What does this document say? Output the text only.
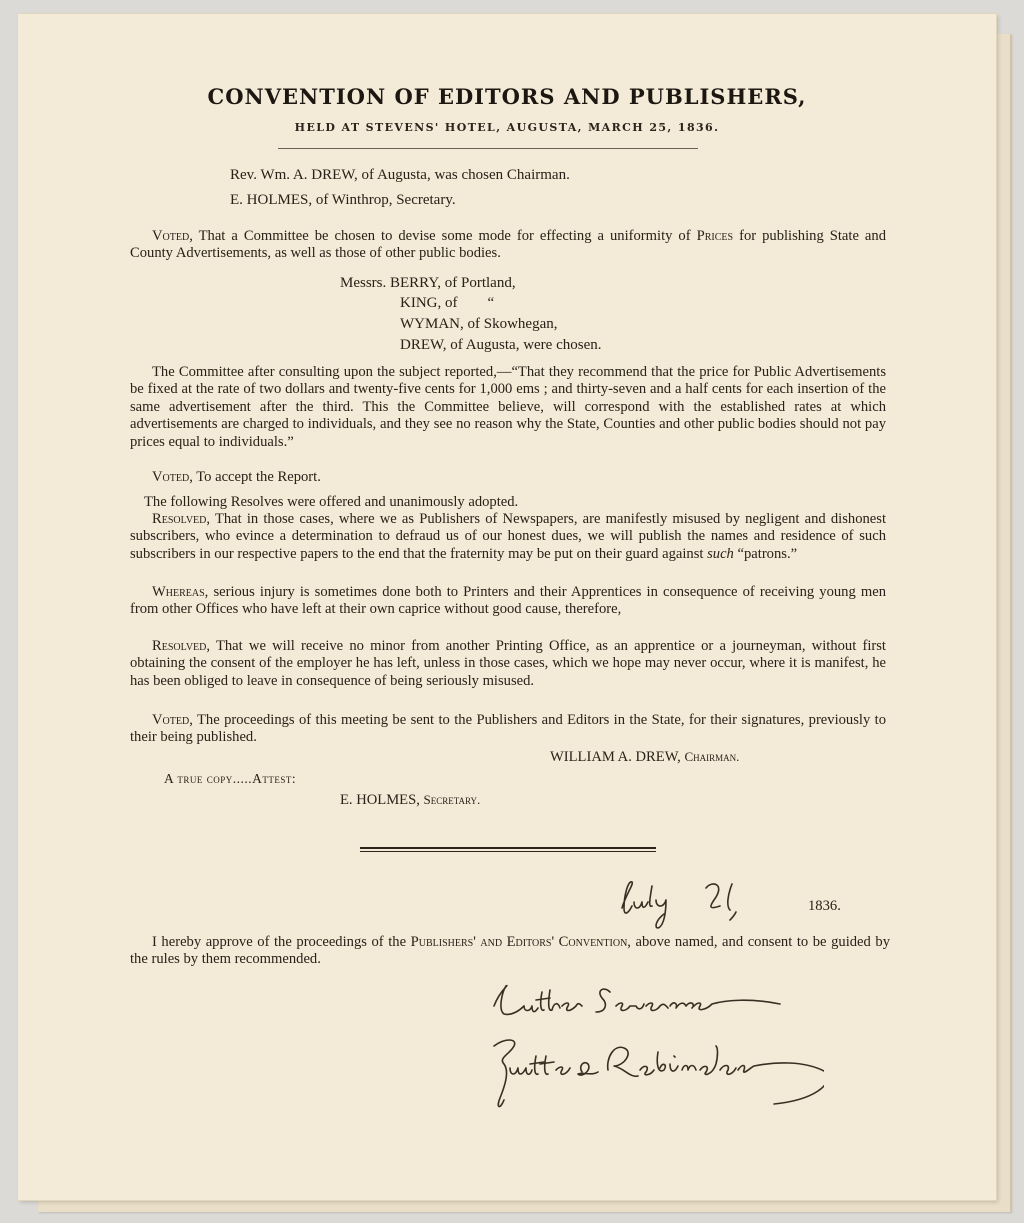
CONVENTION OF EDITORS AND PUBLISHERS,
HELD AT STEVENS' HOTEL, AUGUSTA, MARCH 25, 1836.
Rev. Wm. A. DREW, of Augusta, was chosen Chairman.
E. HOLMES, of Winthrop, Secretary.
Voted, That a Committee be chosen to devise some mode for effecting a uniformity of Prices for publishing State and County Advertisements, as well as those of other public bodies.
Messrs. BERRY, of Portland,
KING, of        “
WYMAN, of Skowhegan,
DREW, of Augusta, were chosen.
The Committee after consulting upon the subject reported,—“That they recommend that the price for Public Advertisements be fixed at the rate of two dollars and twenty-five cents for 1,000 ems ; and thirty-seven and a half cents for each insertion of the same advertisement after the third. This the Committee believe, will correspond with the established rates at which advertisements are charged to individuals, and they see no reason why the State, Counties and other public bodies should not pay prices equal to individuals.”
Voted, To accept the Report.
The following Resolves were offered and unanimously adopted.
Resolved, That in those cases, where we as Publishers of Newspapers, are manifestly misused by negligent and dishonest subscribers, who evince a determination to defraud us of our honest dues, we will publish the names and residence of such subscribers in our respective papers to the end that the fraternity may be put on their guard against such “patrons.”
Whereas, serious injury is sometimes done both to Printers and their Apprentices in consequence of receiving young men from other Offices who have left at their own caprice without good cause, therefore,
Resolved, That we will receive no minor from another Printing Office, as an apprentice or a journeyman, without first obtaining the consent of the employer he has left, unless in those cases, which we hope may never occur, where it is manifest, he has been obliged to leave in consequence of being seriously misused.
Voted, The proceedings of this meeting be sent to the Publishers and Editors in the State, for their signatures, previously to their being published.
WILLIAM A. DREW, Chairman.
A true copy.....Attest:
E. HOLMES, Secretary.
1836.
I hereby approve of the proceedings of the Publishers' and Editors' Convention, above named, and consent to be guided by the rules by them recommended.
